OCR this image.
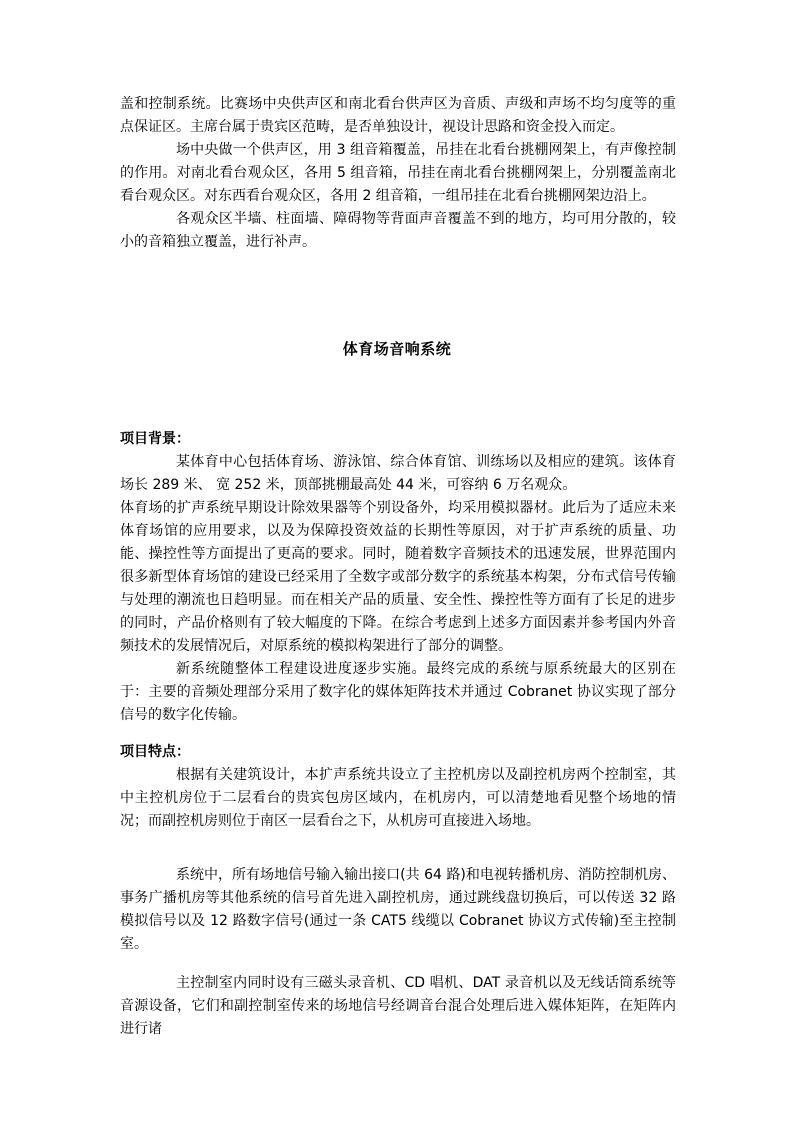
盖和控制系统。比赛场中央供声区和南北看台供声区为音质、声级和声场不均匀度等的重点保证区。主席台属于贵宾区范畴，是否单独设计，视设计思路和资金投入而定。

场中央做一个供声区，用 3 组音箱覆盖，吊挂在北看台挑棚网架上，有声像控制的作用。对南北看台观众区，各用 5 组音箱，吊挂在南北看台挑棚网架上，分别覆盖南北看台观众区。对东西看台观众区，各用 2 组音箱，一组吊挂在北看台挑棚网架边沿上。

各观众区半墙、柱面墙、障碍物等背面声音覆盖不到的地方，均可用分散的，较小的音箱独立覆盖，进行补声。

体育场音响系统
项目背景：

某体育中心包括体育场、游泳馆、综合体育馆、训练场以及相应的建筑。该体育场长 289 米、 宽 252 米，顶部挑棚最高处 44 米，可容纳 6 万名观众。

体育场的扩声系统早期设计除效果器等个别设备外，均采用模拟器材。此后为了适应未来体育场馆的应用要求，以及为保障投资效益的长期性等原因，对于扩声系统的质量、功能、操控性等方面提出了更高的要求。同时，随着数字音频技术的迅速发展，世界范围内很多新型体育场馆的建设已经采用了全数字或部分数字的系统基本构架，分布式信号传输与处理的潮流也日趋明显。而在相关产品的质量、安全性、操控性等方面有了长足的进步的同时，产品价格则有了较大幅度的下降。在综合考虑到上述多方面因素并参考国内外音频技术的发展情况后，对原系统的模拟构架进行了部分的调整。

新系统随整体工程建设进度逐步实施。最终完成的系统与原系统最大的区别在于：主要的音频处理部分采用了数字化的媒体矩阵技术并通过 Cobranet 协议实现了部分信号的数字化传输。

项目特点：

根据有关建筑设计，本扩声系统共设立了主控机房以及副控机房两个控制室，其中主控机房位于二层看台的贵宾包房区域内，在机房内，可以清楚地看见整个场地的情况；而副控机房则位于南区一层看台之下，从机房可直接进入场地。

系统中，所有场地信号输入输出接口(共 64 路)和电视转播机房、消防控制机房、事务广播机房等其他系统的信号首先进入副控机房，通过跳线盘切换后，可以传送 32 路模拟信号以及 12 路数字信号(通过一条 CAT5 线缆以 Cobranet 协议方式传输)至主控制室。

主控制室内同时设有三磁头录音机、CD 唱机、DAT 录音机以及无线话筒系统等音源设备，它们和副控制室传来的场地信号经调音台混合处理后进入媒体矩阵，在矩阵内进行诸
